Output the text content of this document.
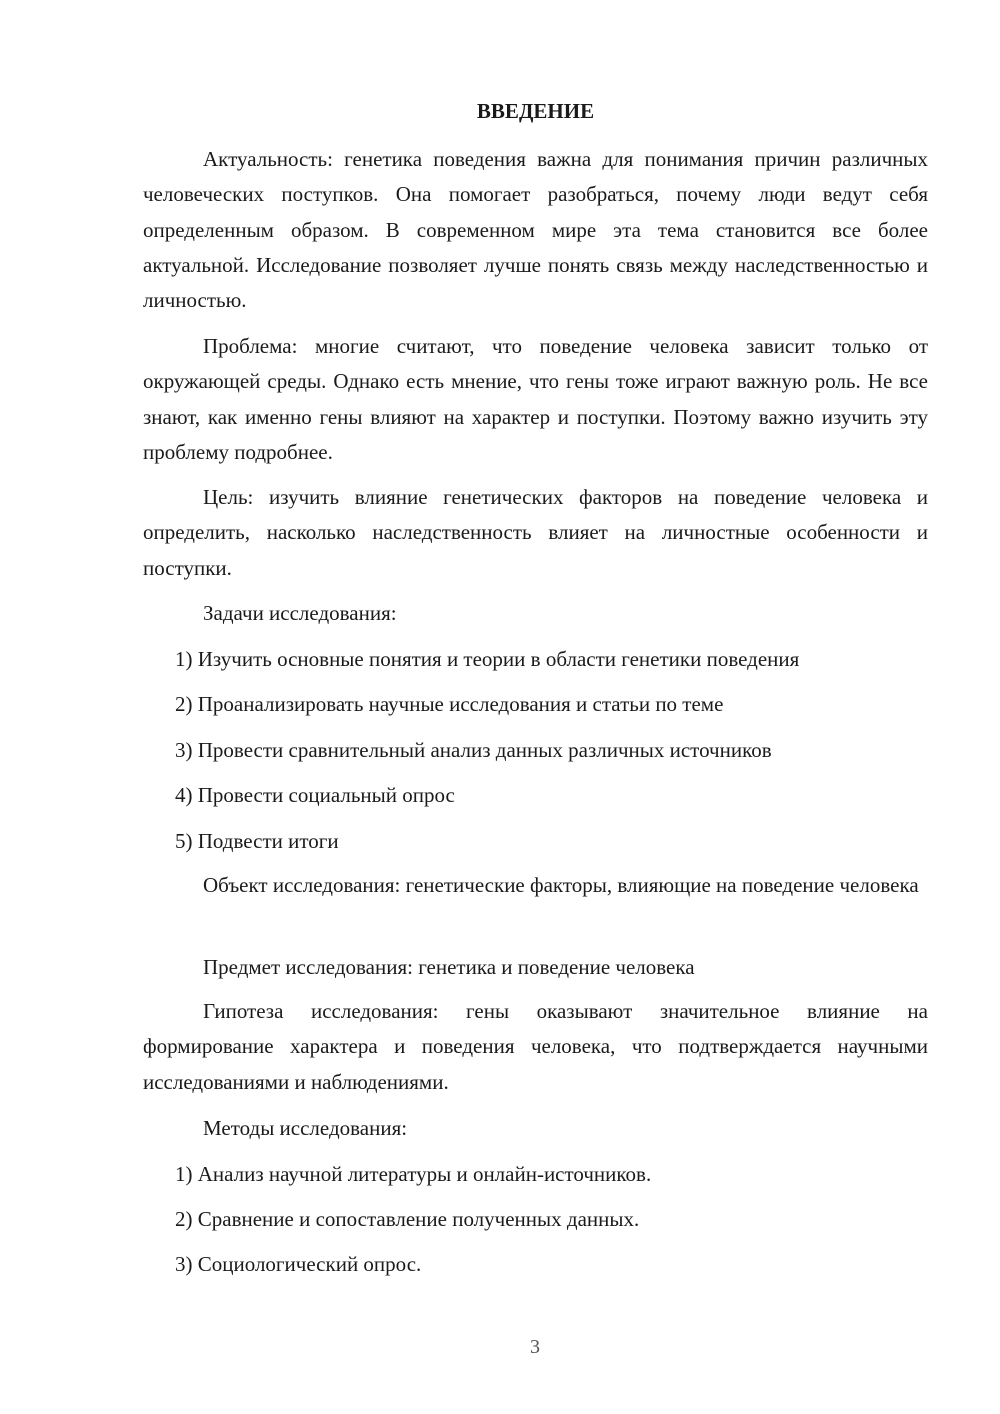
ВВЕДЕНИЕ

Актуальность: генетика поведения важна для понимания причин различных человеческих поступков. Она помогает разобраться, почему люди ведут себя определенным образом. В современном мире эта тема становится все более актуальной. Исследование позволяет лучше понять связь между наследственностью и личностью.

Проблема: многие считают, что поведение человека зависит только от окружающей среды. Однако есть мнение, что гены тоже играют важную роль. Не все знают, как именно гены влияют на характер и поступки. Поэтому важно изучить эту проблему подробнее.

Цель: изучить влияние генетических факторов на поведение человека и определить, насколько наследственность влияет на личностные особенности и поступки.

Задачи исследования:

1) Изучить основные понятия и теории в области генетики поведения

2) Проанализировать научные исследования и статьи по теме

3) Провести сравнительный анализ данных различных источников

4) Провести социальный опрос

5) Подвести итоги

Объект исследования: генетические факторы, влияющие на поведение человека

Предмет исследования: генетика и поведение человека

Гипотеза исследования: гены оказывают значительное влияние на формирование характера и поведения человека, что подтверждается научными исследованиями и наблюдениями.

Методы исследования:

1) Анализ научной литературы и онлайн-источников.

2) Сравнение и сопоставление полученных данных.

3) Социологический опрос.

3
